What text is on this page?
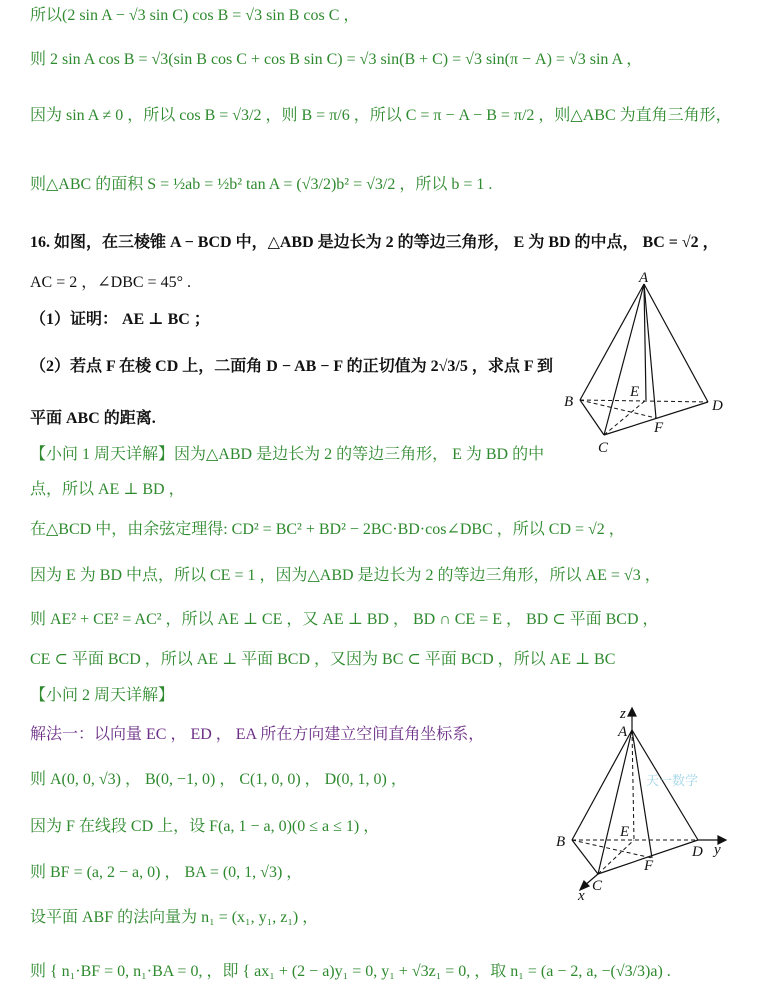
所以(2 sin A − √3 sin C) cos B = √3 sin B cos C ，
则 2 sin A cos B = √3(sin B cos C + cos B sin C) = √3 sin(B + C) = √3 sin(π − A) = √3 sin A ，
因为 sin A ≠ 0 ，所以 cos B = √3/2 ，则 B = π/6 ，所以 C = π − A − B = π/2 ，则△ABC 为直角三角形，
则△ABC 的面积 S = ½ab = ½b² tan A = (√3/2)b² = √3/2 ，所以 b = 1 .
16. 如图，在三棱锥 A − BCD 中，△ABD 是边长为 2 的等边三角形， E 为 BD 的中点， BC = √2 ，
AC = 2 ，∠DBC = 45° .
（1）证明： AE ⊥ BC ；
（2）若点 F 在棱 CD 上，二面角 D − AB − F 的正切值为 2√3/5 ，求点 F 到
平面 ABC 的距离.
【小问 1 周天详解】因为△ABD 是边长为 2 的等边三角形， E 为 BD 的中
点，所以 AE ⊥ BD ，
在△BCD 中，由余弦定理得: CD² = BC² + BD² − 2BC·BD·cos∠DBC ，所以 CD = √2 ，
因为 E 为 BD 中点，所以 CE = 1 ，因为△ABD 是边长为 2 的等边三角形，所以 AE = √3 ，
则 AE² + CE² = AC² ，所以 AE ⊥ CE ，又 AE ⊥ BD ， BD ∩ CE = E ， BD ⊂ 平面 BCD ，
CE ⊂ 平面 BCD ，所以 AE ⊥ 平面 BCD ，又因为 BC ⊂ 平面 BCD ，所以 AE ⊥ BC
【小问 2 周天详解】
解法一：以向量 EC ， ED ， EA 所在方向建立空间直角坐标系，
则 A(0, 0, √3) ， B(0, −1, 0) ， C(1, 0, 0) ， D(0, 1, 0) ，
因为 F 在线段 CD 上，设 F(a, 1 − a, 0)(0 ≤ a ≤ 1) ，
则 BF = (a, 2 − a, 0) ， BA = (0, 1, √3) ，
设平面 ABF 的法向量为 n₁ = (x₁, y₁, z₁) ，
则 { n₁·BF = 0, n₁·BA = 0, ，即 { ax₁ + (2 − a)y₁ = 0, y₁ + √3z₁ = 0, ，取 n₁ = (a − 2, a, −(√3/3)a) .
A
B
C
D
E
F
z
A
B
C
D
E
F
y
x
天一数学
